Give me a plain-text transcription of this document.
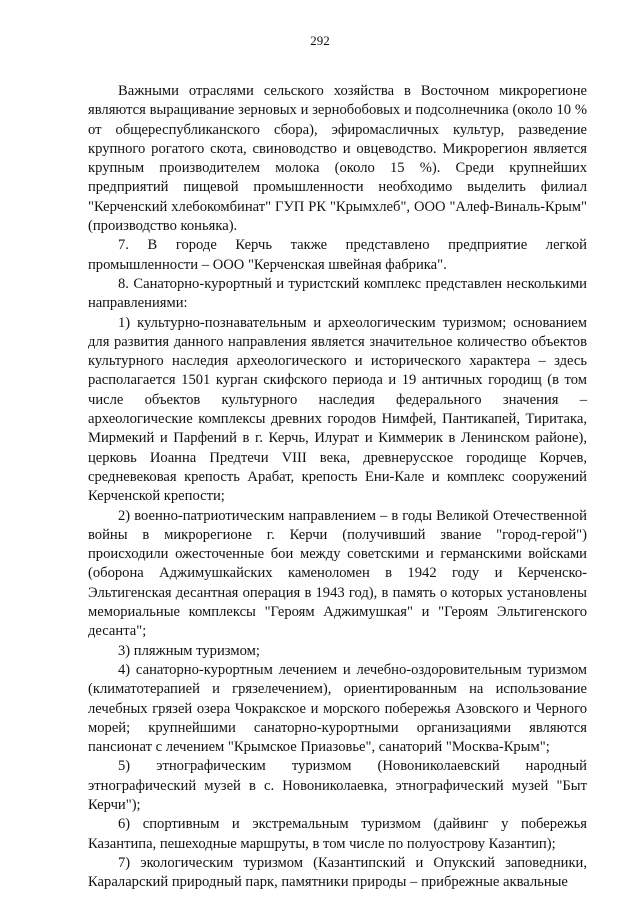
292

Важными отраслями сельского хозяйства в Восточном микрорегионе являются выращивание зерновых и зернобобовых и подсолнечника (около 10 % от общереспубликанского сбора), эфиромасличных культур, разведение крупного рогатого скота, свиноводство и овцеводство. Микрорегион является крупным производителем молока (около 15 %). Среди крупнейших предприятий пищевой промышленности необходимо выделить филиал "Керченский хлебокомбинат" ГУП РК "Крымхлеб", ООО "Алеф-Виналь-Крым" (производство коньяка).

7. В городе Керчь также представлено предприятие легкой промышленности – ООО "Керченская швейная фабрика".

8. Санаторно-курортный и туристский комплекс представлен несколькими направлениями:

1) культурно-познавательным и археологическим туризмом; основанием для развития данного направления является значительное количество объектов культурного наследия археологического и исторического характера – здесь располагается 1501 курган скифского периода и 19 античных городищ (в том числе объектов культурного наследия федерального значения – археологические комплексы древних городов Нимфей, Пантикапей, Тиритака, Мирмекий и Парфений в г. Керчь, Илурат и Киммерик в Ленинском районе), церковь Иоанна Предтечи VIII века, древнерусское городище Корчев, средневековая крепость Арабат, крепость Ени-Кале и комплекс сооружений Керченской крепости;

2) военно-патриотическим направлением – в годы Великой Отечественной войны в микрорегионе г. Керчи (получивший звание "город-герой") происходили ожесточенные бои между советскими и германскими войсками (оборона Аджимушкайских каменоломен в 1942 году и Керченско-Эльтигенская десантная операция в 1943 год), в память о которых установлены мемориальные комплексы "Героям Аджимушкая" и "Героям Эльтигенского десанта";

3) пляжным туризмом;

4) санаторно-курортным лечением и лечебно-оздоровительным туризмом (климатотерапией и грязелечением), ориентированным на использование лечебных грязей озера Чокракское и морского побережья Азовского и Черного морей; крупнейшими санаторно-курортными организациями являются пансионат с лечением "Крымское Приазовье", санаторий "Москва-Крым";

5) этнографическим туризмом (Новониколаевский народный этнографический музей в с. Новониколаевка, этнографический музей "Быт Керчи");

6) спортивным и экстремальным туризмом (дайвинг у побережья Казантипа, пешеходные маршруты, в том числе по полуострову Казантип);

7) экологическим туризмом (Казантипский и Опукский заповедники, Караларский природный парк, памятники природы – прибрежные аквальные
